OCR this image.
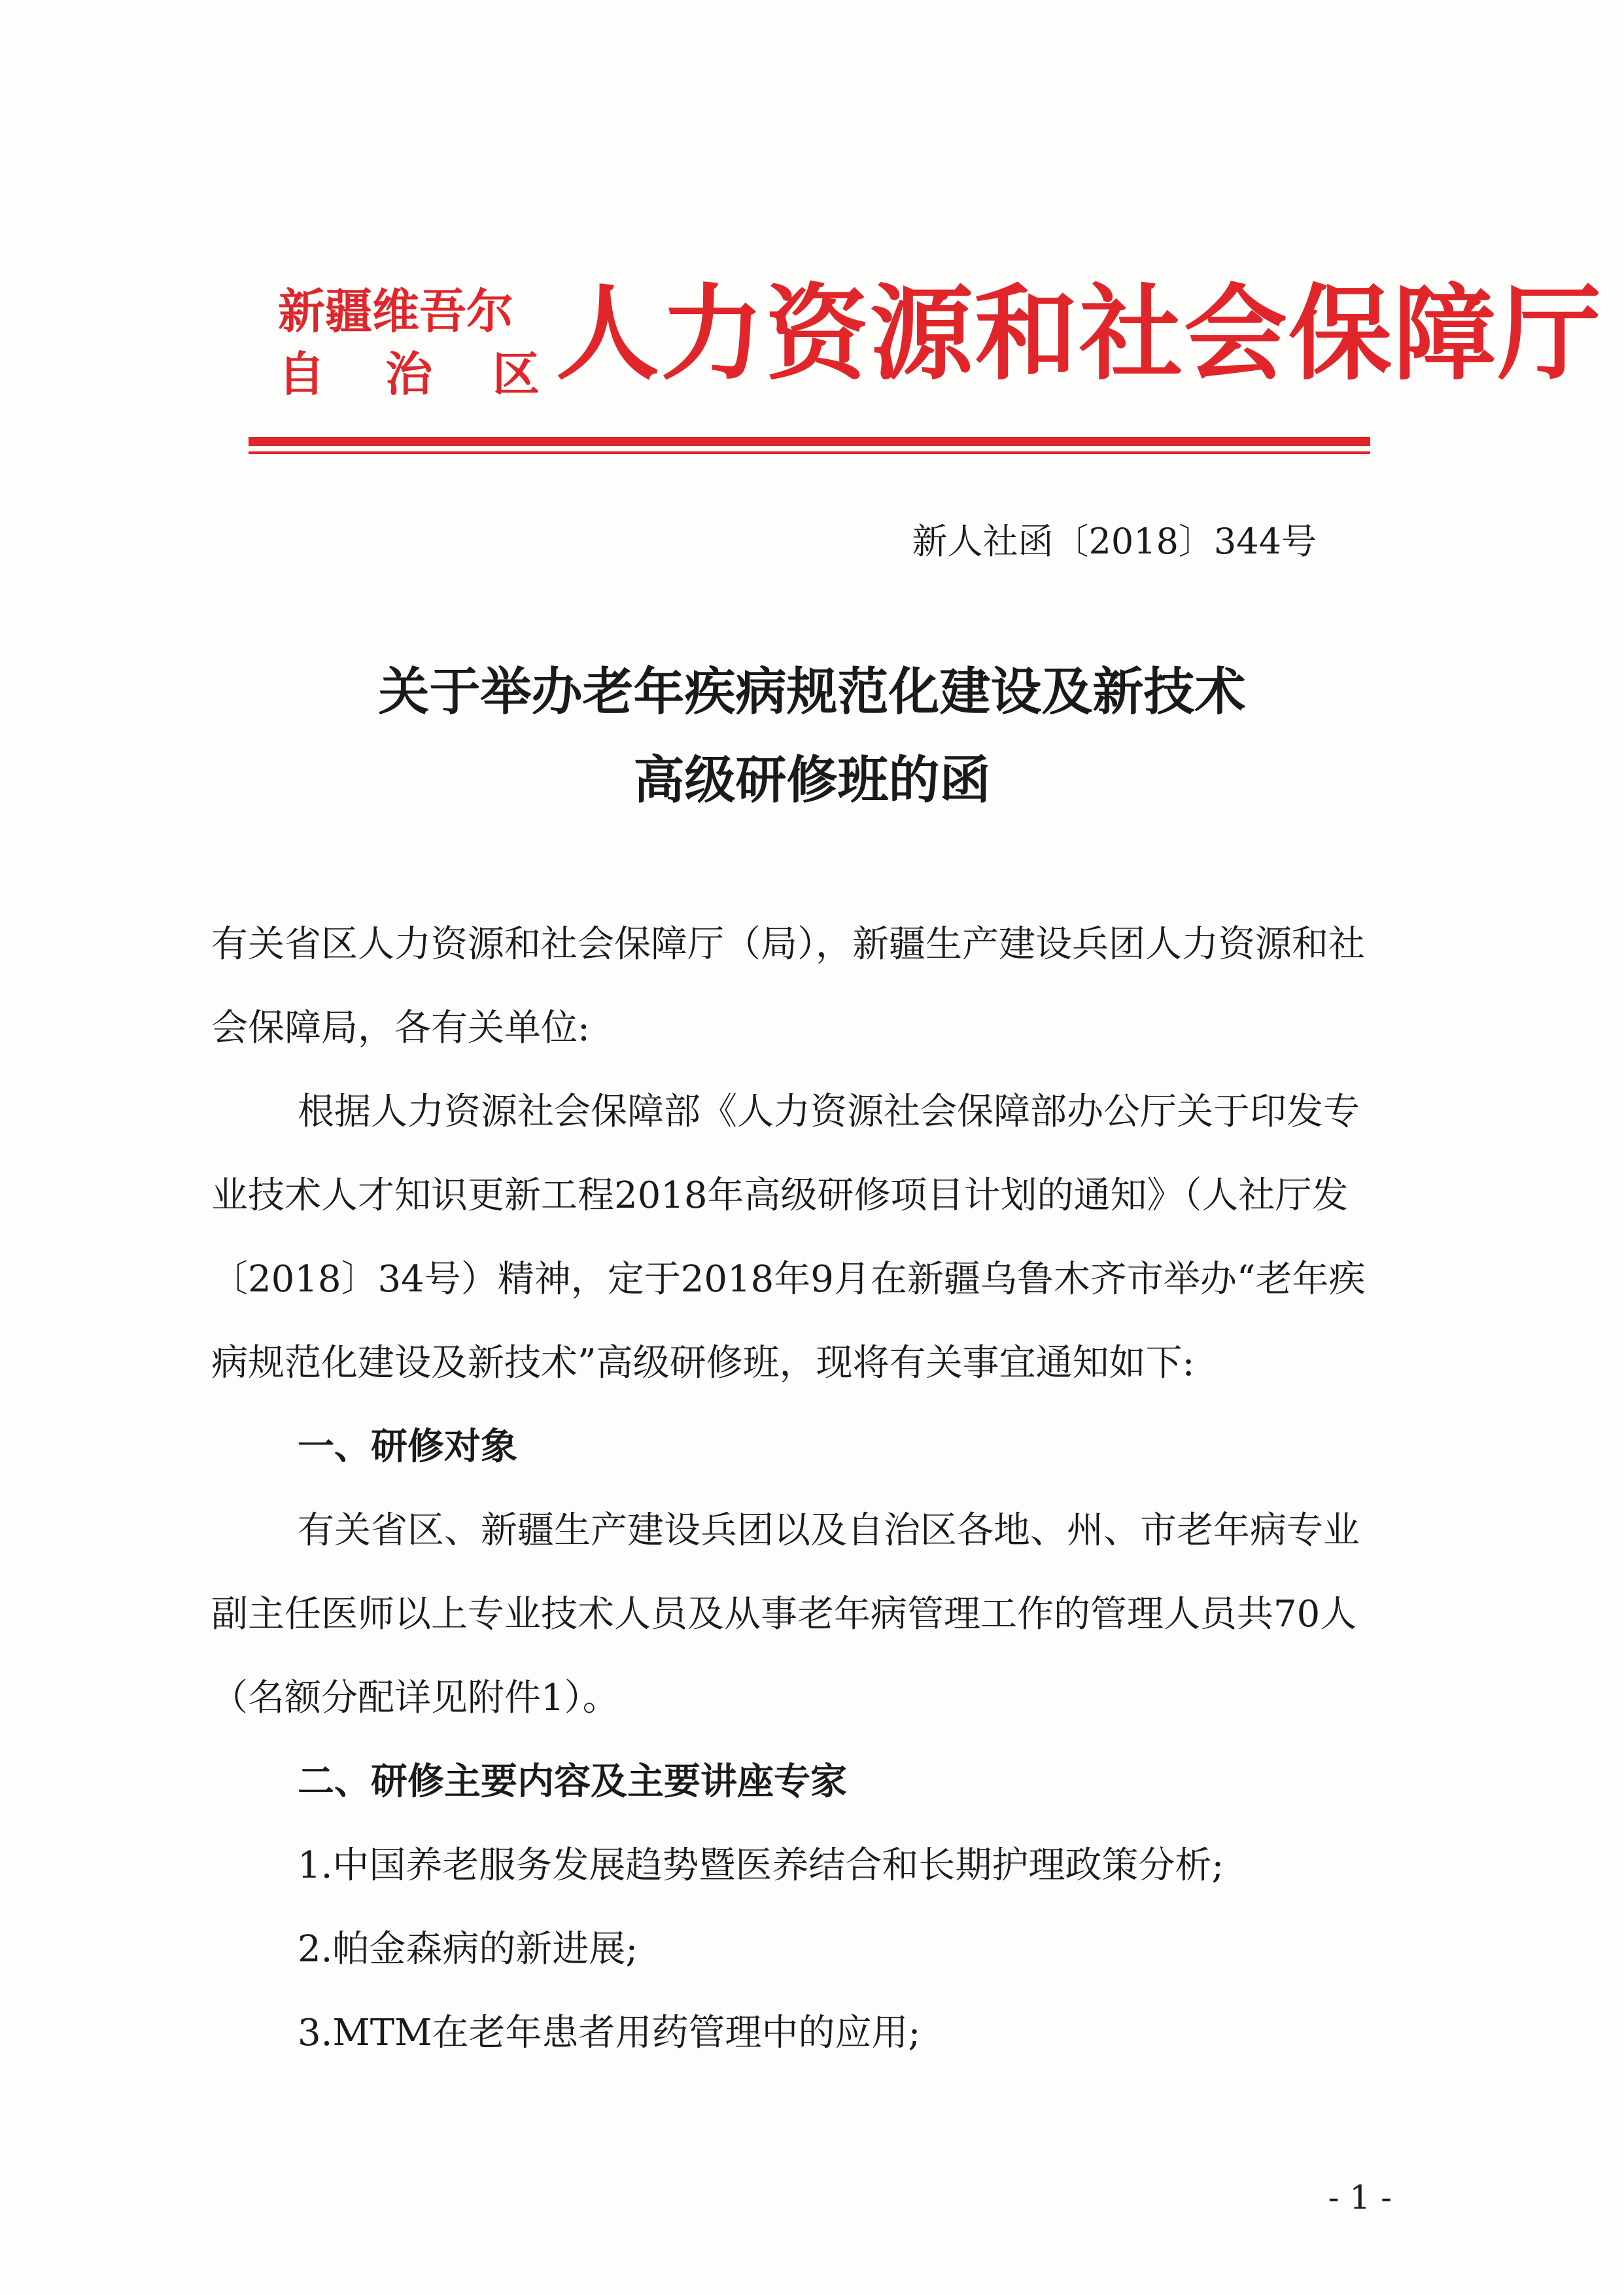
新疆维吾尔
自 治 区 人力资源和社会保障厅
新人社函〔2018〕344号
关于举办老年疾病规范化建设及新技术
高级研修班的函

有关省区人力资源和社会保障厅（局），新疆生产建设兵团人力资源和社会保障局，各有关单位:

根据人力资源社会保障部《人力资源社会保障部办公厅关于印发专业技术人才知识更新工程2018年高级研修项目计划的通知》（人社厅发〔2018〕34号）精神，定于2018年9月在新疆乌鲁木齐市举办“老年疾病规范化建设及新技术”高级研修班，现将有关事宜通知如下:

一、研修对象

有关省区、新疆生产建设兵团以及自治区各地、州、市老年病专业副主任医师以上专业技术人员及从事老年病管理工作的管理人员共70人（名额分配详见附件1）。

二、研修主要内容及主要讲座专家

1.中国养老服务发展趋势暨医养结合和长期护理政策分析;

2.帕金森病的新进展;

3.MTM在老年患者用药管理中的应用;

- 1 -
